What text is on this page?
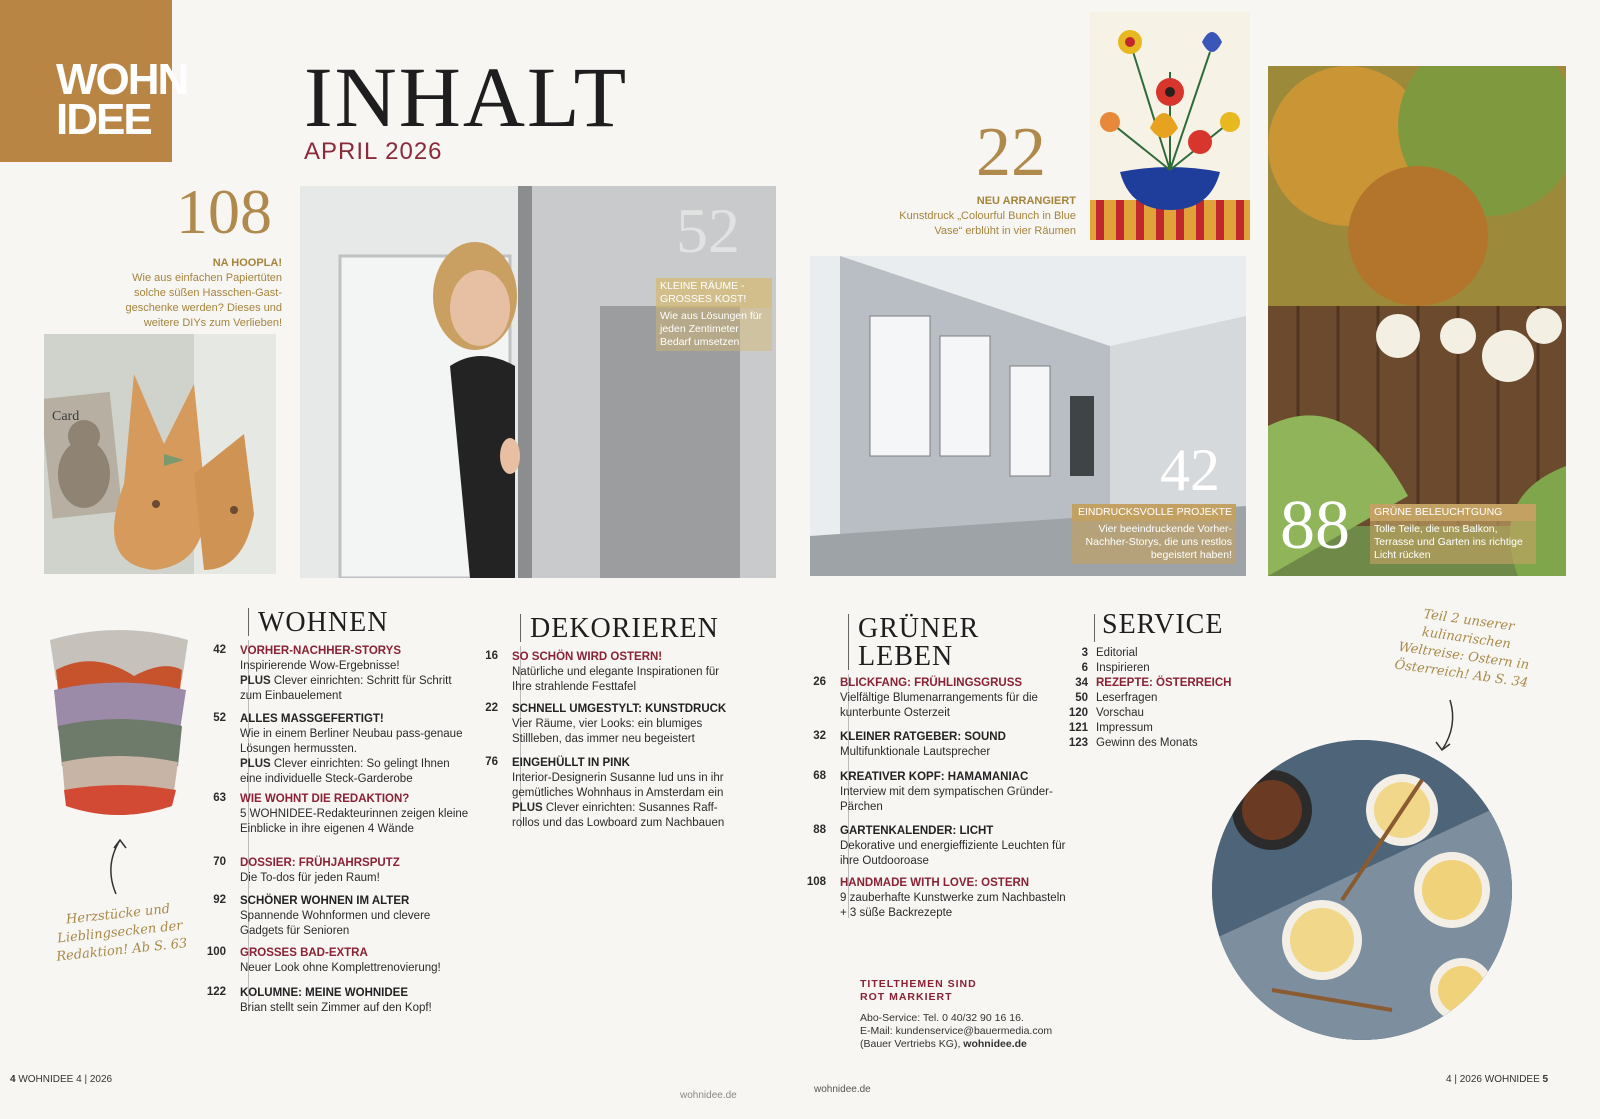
WOHN
IDEE INHALT
APRIL 2026
108
NA HOOPLA!
Wie aus einfachen Papiertüten solche süßen Hasschen-Gast-geschenke werden? Dieses und weitere DIYs zum Verlieben!
Card
52
KLEINE RÄUME - GROSSES KOST!
Wie aus Lösungen für jeden Zentimeter Bedarf umsetzen
22
NEU ARRANGIERT
Kunstdruck „Colourful Bunch in Blue Vase“ erblüht in vier Räumen
42
EINDRUCKSVOLLE PROJEKTE
Vier beeindruckende Vorher-Nachher-Storys, die uns restlos begeistert haben! 88	GRÜNE BELEUCHTGUNG
Tolle Teile, die uns Balkon, Terrasse und Garten ins richtige Licht rücken
Herzstücke und Lieblingsecken der Redaktion! Ab S. 63
WOHNEN
42 VORHER-NACHHER-STORYS
Inspirierende Wow-Ergebnisse!
PLUS Clever einrichten: Schritt für Schritt zum Einbauelement
52 ALLES MASSGEFERTIGT!
Wie in einem Berliner Neubau pass-genaue Lösungen hermussten.
PLUS Clever einrichten: So gelingt Ihnen eine individuelle Steck-Garderobe
63 WIE WOHNT DIE REDAKTION?
5 WOHNIDEE-Redakteurinnen zeigen kleine Einblicke in ihre eigenen 4 Wände
70 DOSSIER: FRÜHJAHRSPUTZ
Die To-dos für jeden Raum!
92 SCHÖNER WOHNEN IM ALTER
Spannende Wohnformen und clevere Gadgets für Senioren
100 GROSSES BAD-EXTRA
Neuer Look ohne Komplettrenovierung!
122 KOLUMNE: MEINE WOHNIDEE
Brian stellt sein Zimmer auf den Kopf!
DEKORIEREN
16 SO SCHÖN WIRD OSTERN!
Natürliche und elegante Inspirationen für Ihre strahlende Festtafel
22 SCHNELL UMGESTYLT: KUNSTDRUCK
Vier Räume, vier Looks: ein blumiges Stillleben, das immer neu begeistert
76 EINGEHÜLLT IN PINK
Interior-Designerin Susanne lud uns in ihr gemütliches Wohnhaus in Amsterdam ein
PLUS Clever einrichten: Susannes Raff-rollos und das Lowboard zum Nachbauen
GRÜNER
LEBEN
26 BLICKFANG: FRÜHLINGSGRUSS
Vielfältige Blumenarrangements für die kunterbunte Osterzeit
32 KLEINER RATGEBER: SOUND
Multifunktionale Lautsprecher
68 KREATIVER KOPF: HAMAMANIAC
Interview mit dem sympatischen Gründer-Pärchen
88 GARTENKALENDER: LICHT
Dekorative und energieffiziente Leuchten für ihre Outdooroase
108 HANDMADE WITH LOVE: OSTERN
9 zauberhafte Kunstwerke zum Nachbasteln + 3 süße Backrezepte
SERVICE
3 Editorial
6 Inspirieren
34 REZEPTE: ÖSTERREICH
50 Leserfragen
120 Vorschau
121 Impressum
123 Gewinn des Monats
TITELTHEMEN SIND
ROT MARKIERT
Abo-Service: Tel. 0 40/32 90 16 16.
E-Mail: kundenservice@bauermedia.com
(Bauer Vertriebs KG), wohnidee.de
Teil 2 unserer kulinarischen Weltreise: Ostern in Österreich! Ab S. 34
4 WOHNIDEE 4 | 2026
wohnidee.de
wohnidee.de
4 | 2026 WOHNIDEE 5
